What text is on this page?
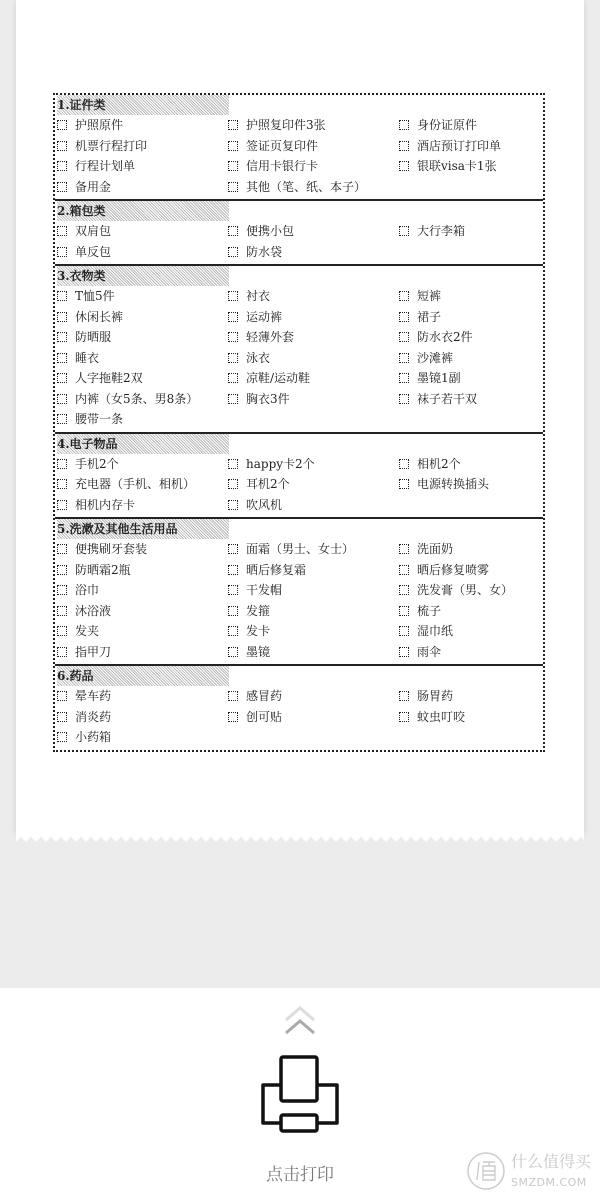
1.证件类
护照原件	护照复印件3张	身份证原件
机票行程打印	签证页复印件	酒店预订打印单
行程计划单	信用卡银行卡	银联visa卡1张
备用金	其他（笔、纸、本子）
2.箱包类
双肩包	便携小包	大行李箱
单反包	防水袋
3.衣物类
T恤5件	衬衣	短裤
休闲长裤	运动裤	裙子
防晒服	轻薄外套	防水衣2件
睡衣	泳衣	沙滩裤
人字拖鞋2双	凉鞋/运动鞋	墨镜1副
内裤（女5条、男8条）	胸衣3件	袜子若干双
腰带一条
4.电子物品
手机2个	happy卡2个	相机2个
充电器（手机、相机）	耳机2个	电源转换插头
相机内存卡	吹风机
5.洗漱及其他生活用品
便携刷牙套装	面霜（男士、女士）	洗面奶
防晒霜2瓶	晒后修复霜	晒后修复喷雾
浴巾	干发帽	洗发膏（男、女）
沐浴液	发箍	梳子
发夹	发卡	湿巾纸
指甲刀	墨镜	雨伞
6.药品
晕车药	感冒药	肠胃药
消炎药	创可贴	蚊虫叮咬
小药箱
点击打印
什么值得买
SMZDM.COM
